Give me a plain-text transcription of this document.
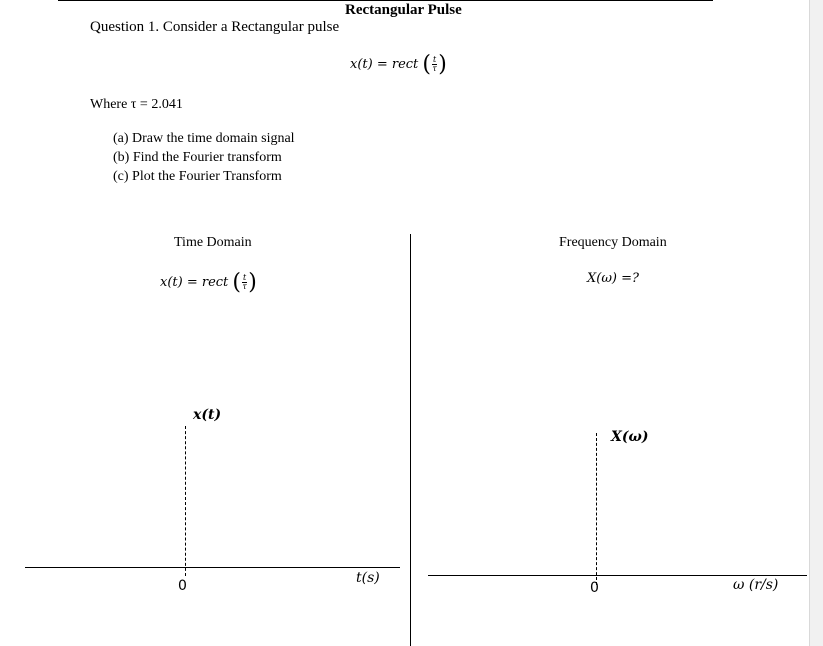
Rectangular Pulse
Question 1. Consider a Rectangular pulse
x(t) = rect ( $\frac{t}{\tau}$ )
Where τ = 2.041
(a) Draw the time domain signal
(b) Find the Fourier transform
(c) Plot the Fourier Transform
Time Domain
x(t) = rect ( $\frac{t}{\tau}$ )
x(t)
0	t(s)
Frequency Domain
X(ω) =?
X(ω)
0	ω (r/s)
